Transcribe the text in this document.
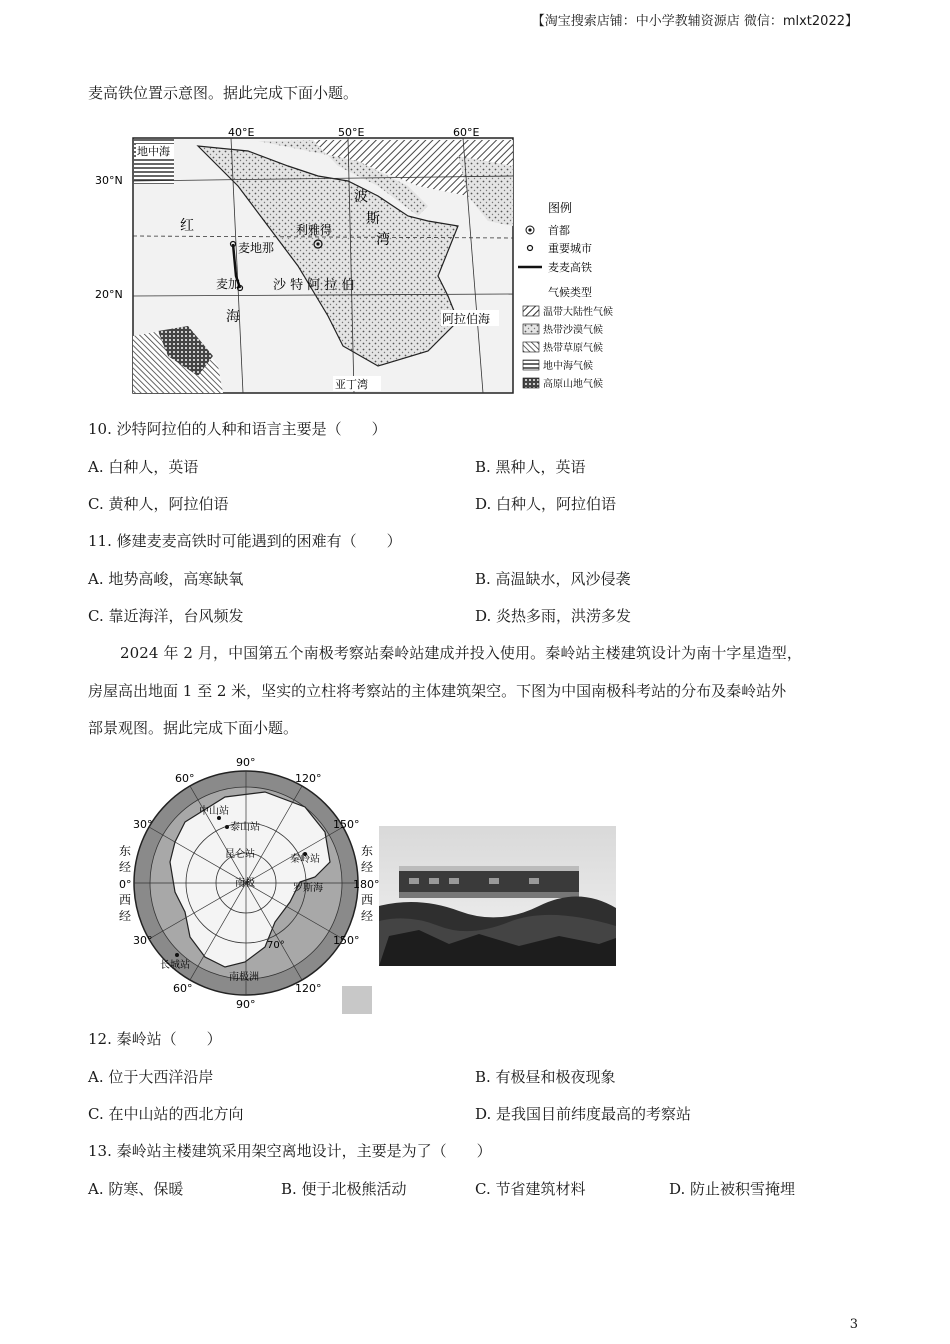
【淘宝搜索店铺：中小学教辅资源店 微信：mlxt2022】
麦高铁位置示意图。据此完成下面小题。
40°E	50°E	60°E
30°N
20°N
地中海
波
斯
湾
利雅得
红
麦地那
麦加	沙 特 阿 拉 伯
海	阿拉伯海
亚丁湾
图例
首都
重要城市
麦麦高铁
气候类型
温带大陆性气候
热带沙漠气候
热带草原气候
地中海气候
高原山地气候
10. 沙特阿拉伯的人种和语言主要是（　　）
A. 白种人，英语	B. 黑种人，英语
C. 黄种人，阿拉伯语	D. 白种人，阿拉伯语
11. 修建麦麦高铁时可能遇到的困难有（　　）
A. 地势高峻，高寒缺氧	B. 高温缺水，风沙侵袭
C. 靠近海洋，台风频发	D. 炎热多雨，洪涝多发
2024 年 2 月，中国第五个南极考察站秦岭站建成并投入使用。秦岭站主楼建筑设计为南十字星造型，
房屋高出地面 1 至 2 米，坚实的立柱将考察站的主体建筑架空。下图为中国南极科考站的分布及秦岭站外
部景观图。据此完成下面小题。
90°
60°	120°
30°	150°
东
经
0°
西
经
东
经
180°
西
经
30°	150°
60°
90°
120°
70°
中山站
泰山站
昆仑站	秦岭站
南极	罗斯海
长城站
南极洲
12. 秦岭站（　　）
A. 位于大西洋沿岸	B. 有极昼和极夜现象
C. 在中山站的西北方向	D. 是我国目前纬度最高的考察站
13. 秦岭站主楼建筑采用架空离地设计，主要是为了（　　）
A. 防寒、保暖	B. 便于北极熊活动	C. 节省建筑材料	D. 防止被积雪掩埋
3
